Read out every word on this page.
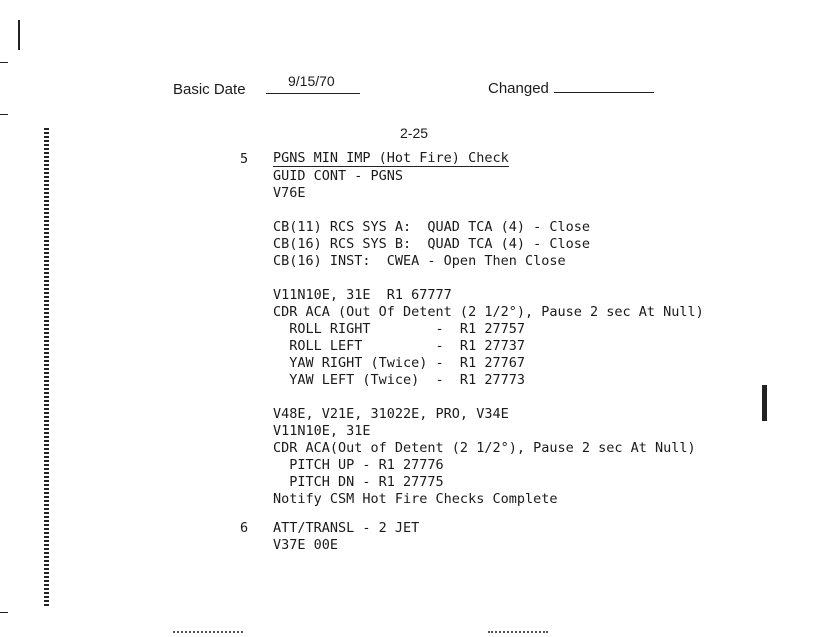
Basic Date	9/15/70	Changed
2-25
5 PGNS MIN IMP (Hot Fire) Check
GUID CONT - PGNS
V76E

CB(11) RCS SYS A:  QUAD TCA (4) - Close
CB(16) RCS SYS B:  QUAD TCA (4) - Close
CB(16) INST:  CWEA - Open Then Close

V11N10E, 31E  R1 67777
CDR ACA (Out Of Detent (2 1/2°), Pause 2 sec At Null)
ROLL RIGHT        -  R1 27757
ROLL LEFT         -  R1 27737
YAW RIGHT (Twice) -  R1 27767
YAW LEFT (Twice)  -  R1 27773

V48E, V21E, 31022E, PRO, V34E
V11N10E, 31E
CDR ACA(Out of Detent (2 1/2°), Pause 2 sec At Null)
PITCH UP - R1 27776
PITCH DN - R1 27775
Notify CSM Hot Fire Checks Complete
6 ATT/TRANSL - 2 JET
V37E 00E
